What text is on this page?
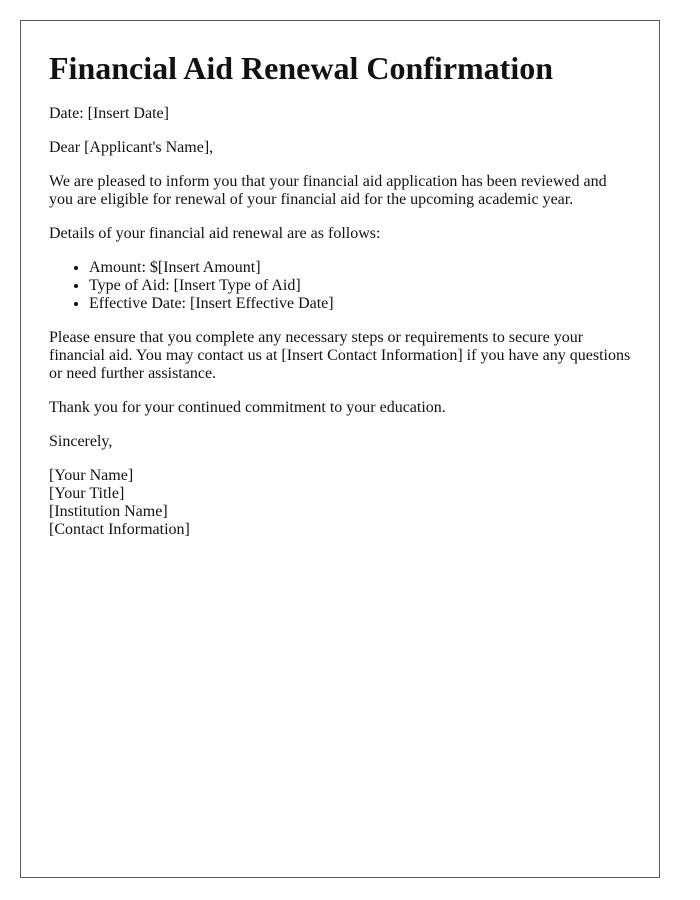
Financial Aid Renewal Confirmation

Date: [Insert Date]

Dear [Applicant's Name],

We are pleased to inform you that your financial aid application has been reviewed and you are eligible for renewal of your financial aid for the upcoming academic year.

Details of your financial aid renewal are as follows:

• Amount: $[Insert Amount]
• Type of Aid: [Insert Type of Aid]
• Effective Date: [Insert Effective Date]

Please ensure that you complete any necessary steps or requirements to secure your financial aid. You may contact us at [Insert Contact Information] if you have any questions or need further assistance.

Thank you for your continued commitment to your education.

Sincerely,

[Your Name]
[Your Title]
[Institution Name]
[Contact Information]
